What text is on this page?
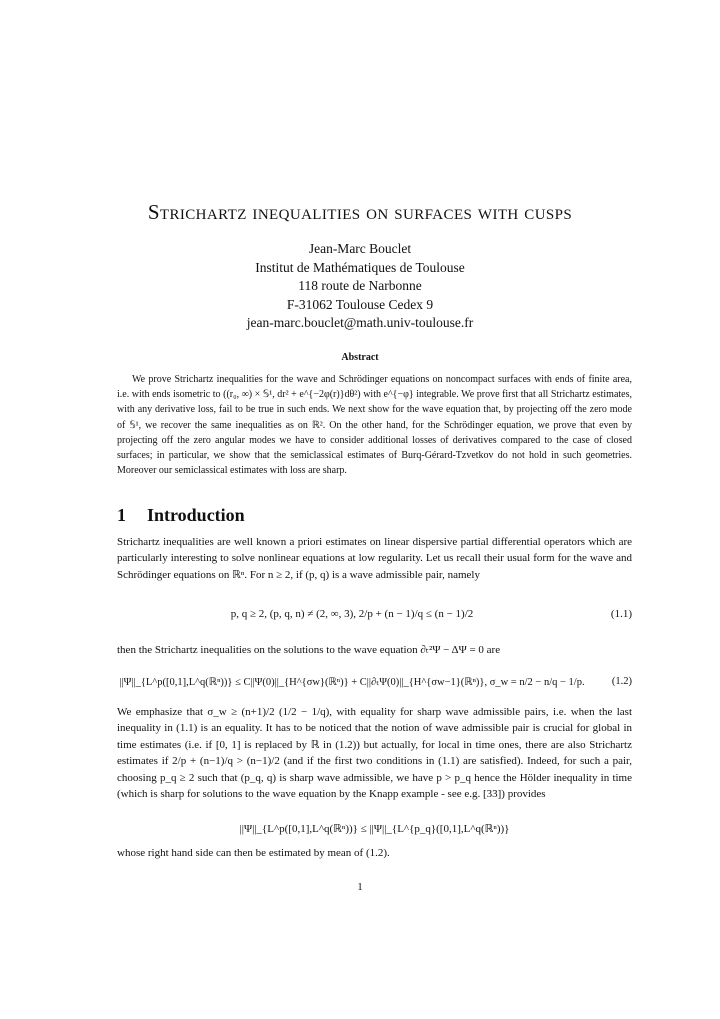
Strichartz inequalities on surfaces with cusps
Jean-Marc Bouclet
Institut de Mathématiques de Toulouse
118 route de Narbonne
F-31062 Toulouse Cedex 9
jean-marc.bouclet@math.univ-toulouse.fr
Abstract
We prove Strichartz inequalities for the wave and Schrödinger equations on noncompact surfaces with ends of finite area, i.e. with ends isometric to ((r₀, ∞) × 𝕊¹, dr² + e^{−2φ(r)}dθ²) with e^{−φ} integrable. We prove first that all Strichartz estimates, with any derivative loss, fail to be true in such ends. We next show for the wave equation that, by projecting off the zero mode of 𝕊¹, we recover the same inequalities as on ℝ². On the other hand, for the Schrödinger equation, we prove that even by projecting off the zero angular modes we have to consider additional losses of derivatives compared to the case of closed surfaces; in particular, we show that the semiclassical estimates of Burq-Gérard-Tzvetkov do not hold in such geometries. Moreover our semiclassical estimates with loss are sharp.
1 Introduction
Strichartz inequalities are well known a priori estimates on linear dispersive partial differential operators which are particularly interesting to solve nonlinear equations at low regularity. Let us recall their usual form for the wave and Schrödinger equations on ℝⁿ. For n ≥ 2, if (p, q) is a wave admissible pair, namely
p, q ≥ 2, (p, q, n) ≠ (2, ∞, 3), 2/p + (n − 1)/q ≤ (n − 1)/2	(1.1)
then the Strichartz inequalities on the solutions to the wave equation ∂ₜ²Ψ − ΔΨ = 0 are
||Ψ||_{L^p([0,1],L^q(ℝⁿ))} ≤ C||Ψ(0)||_{H^{σw}(ℝⁿ)} + C||∂ₜΨ(0)||_{H^{σw−1}(ℝⁿ)}, σ_w = n/2 − n/q − 1/p.	(1.2)
We emphasize that σ_w ≥ (n+1)/2 (1/2 − 1/q), with equality for sharp wave admissible pairs, i.e. when the last inequality in (1.1) is an equality. It has to be noticed that the notion of wave admissible pair is crucial for global in time estimates (i.e. if [0, 1] is replaced by ℝ in (1.2)) but actually, for local in time ones, there are also Strichartz estimates if 2/p + (n−1)/q > (n−1)/2 (and if the first two conditions in (1.1) are satisfied). Indeed, for such a pair, choosing p_q ≥ 2 such that (p_q, q) is sharp wave admissible, we have p > p_q hence the Hölder inequality in time (which is sharp for solutions to the wave equation by the Knapp example - see e.g. [33]) provides
||Ψ||_{L^p([0,1],L^q(ℝⁿ))} ≤ ||Ψ||_{L^{p_q}([0,1],L^q(ℝⁿ))}
whose right hand side can then be estimated by mean of (1.2).
1
